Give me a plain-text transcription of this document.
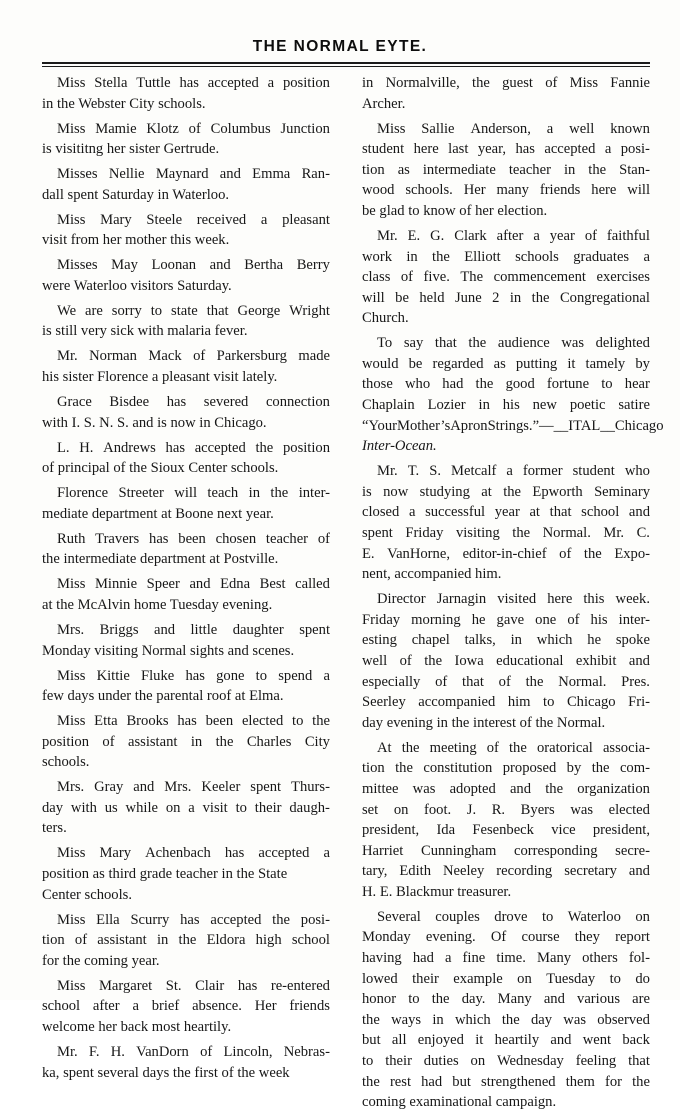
THE NORMAL EYTE.

Miss Stella Tuttle has accepted a position
in the Webster City schools.

Miss Mamie Klotz of Columbus Junction
is visititng her sister Gertrude.

Misses Nellie Maynard and Emma Ran-
dall spent Saturday in Waterloo.

Miss Mary Steele received a pleasant
visit from her mother this week.

Misses May Loonan and Bertha Berry
were Waterloo visitors Saturday.

We are sorry to state that George Wright
is still very sick with malaria fever.

Mr. Norman Mack of Parkersburg made
his sister Florence a pleasant visit lately.

Grace Bisdee has severed connection
with I. S. N. S. and is now in Chicago.

L. H. Andrews has accepted the position
of principal of the Sioux Center schools.

Florence Streeter will teach in the inter-
mediate department at Boone next year.

Ruth Travers has been chosen teacher of
the intermediate department at Postville.

Miss Minnie Speer and Edna Best called
at the McAlvin home Tuesday evening.

Mrs. Briggs and little daughter spent
Monday visiting Normal sights and scenes.

Miss Kittie Fluke has gone to spend a
few days under the parental roof at Elma.

Miss Etta Brooks has been elected to the
position of assistant in the Charles City
schools.

Mrs. Gray and Mrs. Keeler spent Thurs-
day with us while on a visit to their daugh-
ters.

Miss Mary Achenbach has accepted a
position as third grade teacher in the State
Center schools.

Miss Ella Scurry has accepted the posi-
tion of assistant in the Eldora high school
for the coming year.

Miss Margaret St. Clair has re-entered
school after a brief absence. Her friends
welcome her back most heartily.

Mr. F. H. VanDorn of Lincoln, Nebras-
ka, spent several days the first of the week

in Normalville, the guest of Miss Fannie
Archer.

Miss Sallie Anderson, a well known
student here last year, has accepted a posi-
tion as intermediate teacher in the Stan-
wood schools. Her many friends here will
be glad to know of her election.

Mr. E. G. Clark after a year of faithful
work in the Elliott schools graduates a
class of five. The commencement exercises
will be held June 2 in the Congregational
Church.

To say that the audience was delighted
would be regarded as putting it tamely by
those who had the good fortune to hear
Chaplain Lozier in his new poetic satire
“Your Mother’s Apron Strings.”—__ITAL__Chicago
Inter-Ocean.

Mr. T. S. Metcalf a former student who
is now studying at the Epworth Seminary
closed a successful year at that school and
spent Friday visiting the Normal. Mr. C.
E. VanHorne, editor-in-chief of the Expo-
nent, accompanied him.

Director Jarnagin visited here this week.
Friday morning he gave one of his inter-
esting chapel talks, in which he spoke
well of the Iowa educational exhibit and
especially of that of the Normal. Pres.
Seerley accompanied him to Chicago Fri-
day evening in the interest of the Normal.

At the meeting of the oratorical associa-
tion the constitution proposed by the com-
mittee was adopted and the organization
set on foot. J. R. Byers was elected
president, Ida Fesenbeck vice president,
Harriet Cunningham corresponding secre-
tary, Edith Neeley recording secretary and
H. E. Blackmur treasurer.

Several couples drove to Waterloo on
Monday evening. Of course they report
having had a fine time. Many others fol-
lowed their example on Tuesday to do
honor to the day. Many and various are
the ways in which the day was observed
but all enjoyed it heartily and went back
to their duties on Wednesday feeling that
the rest had but strengthened them for the
coming examinational campaign.
